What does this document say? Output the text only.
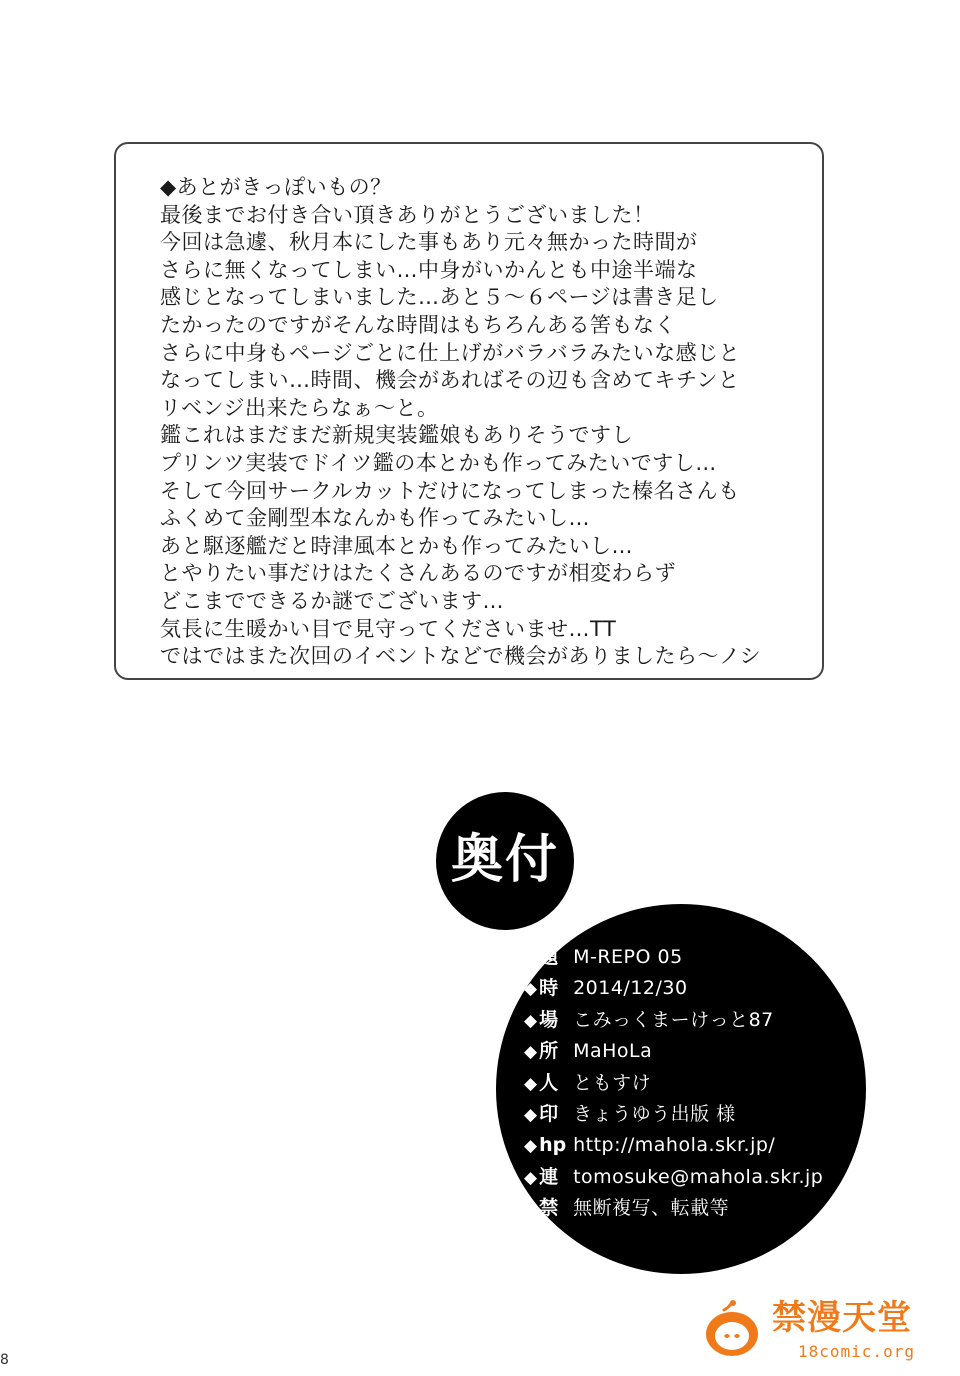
◆あとがきっぽいもの？
最後までお付き合い頂きありがとうございました！
今回は急遽、秋月本にした事もあり元々無かった時間が
さらに無くなってしまい…中身がいかんとも中途半端な
感じとなってしまいました…あと５〜６ページは書き足し
たかったのですがそんな時間はもちろんある筈もなく
さらに中身もページごとに仕上げがバラバラみたいな感じと
なってしまい…時間、機会があればその辺も含めてキチンと
リベンジ出来たらなぁ〜と。
鑑これはまだまだ新規実装鑑娘もありそうですし
プリンツ実装でドイツ鑑の本とかも作ってみたいですし…
そして今回サークルカットだけになってしまった榛名さんも
ふくめて金剛型本なんかも作ってみたいし…
あと駆逐艦だと時津風本とかも作ってみたいし…
とやりたい事だけはたくさんあるのですが相変わらず
どこまでできるか謎でございます…
気長に生暖かい目で見守ってくださいませ…TT
ではではまた次回のイベントなどで機会がありましたら〜ノシ
◆ 題 M-REPO 05
◆ 時 2014/12/30
◆ 場 こみっくまーけっと87
◆ 所 MaHoLa
◆ 人 ともすけ
◆ 印 きょうゆう出版 様
◆ hp http://mahola.skr.jp/
◆ 連 tomosuke@mahola.skr.jp
◆ 禁 無断複写、転載等
奥付
8
禁漫天堂
18comic.org
